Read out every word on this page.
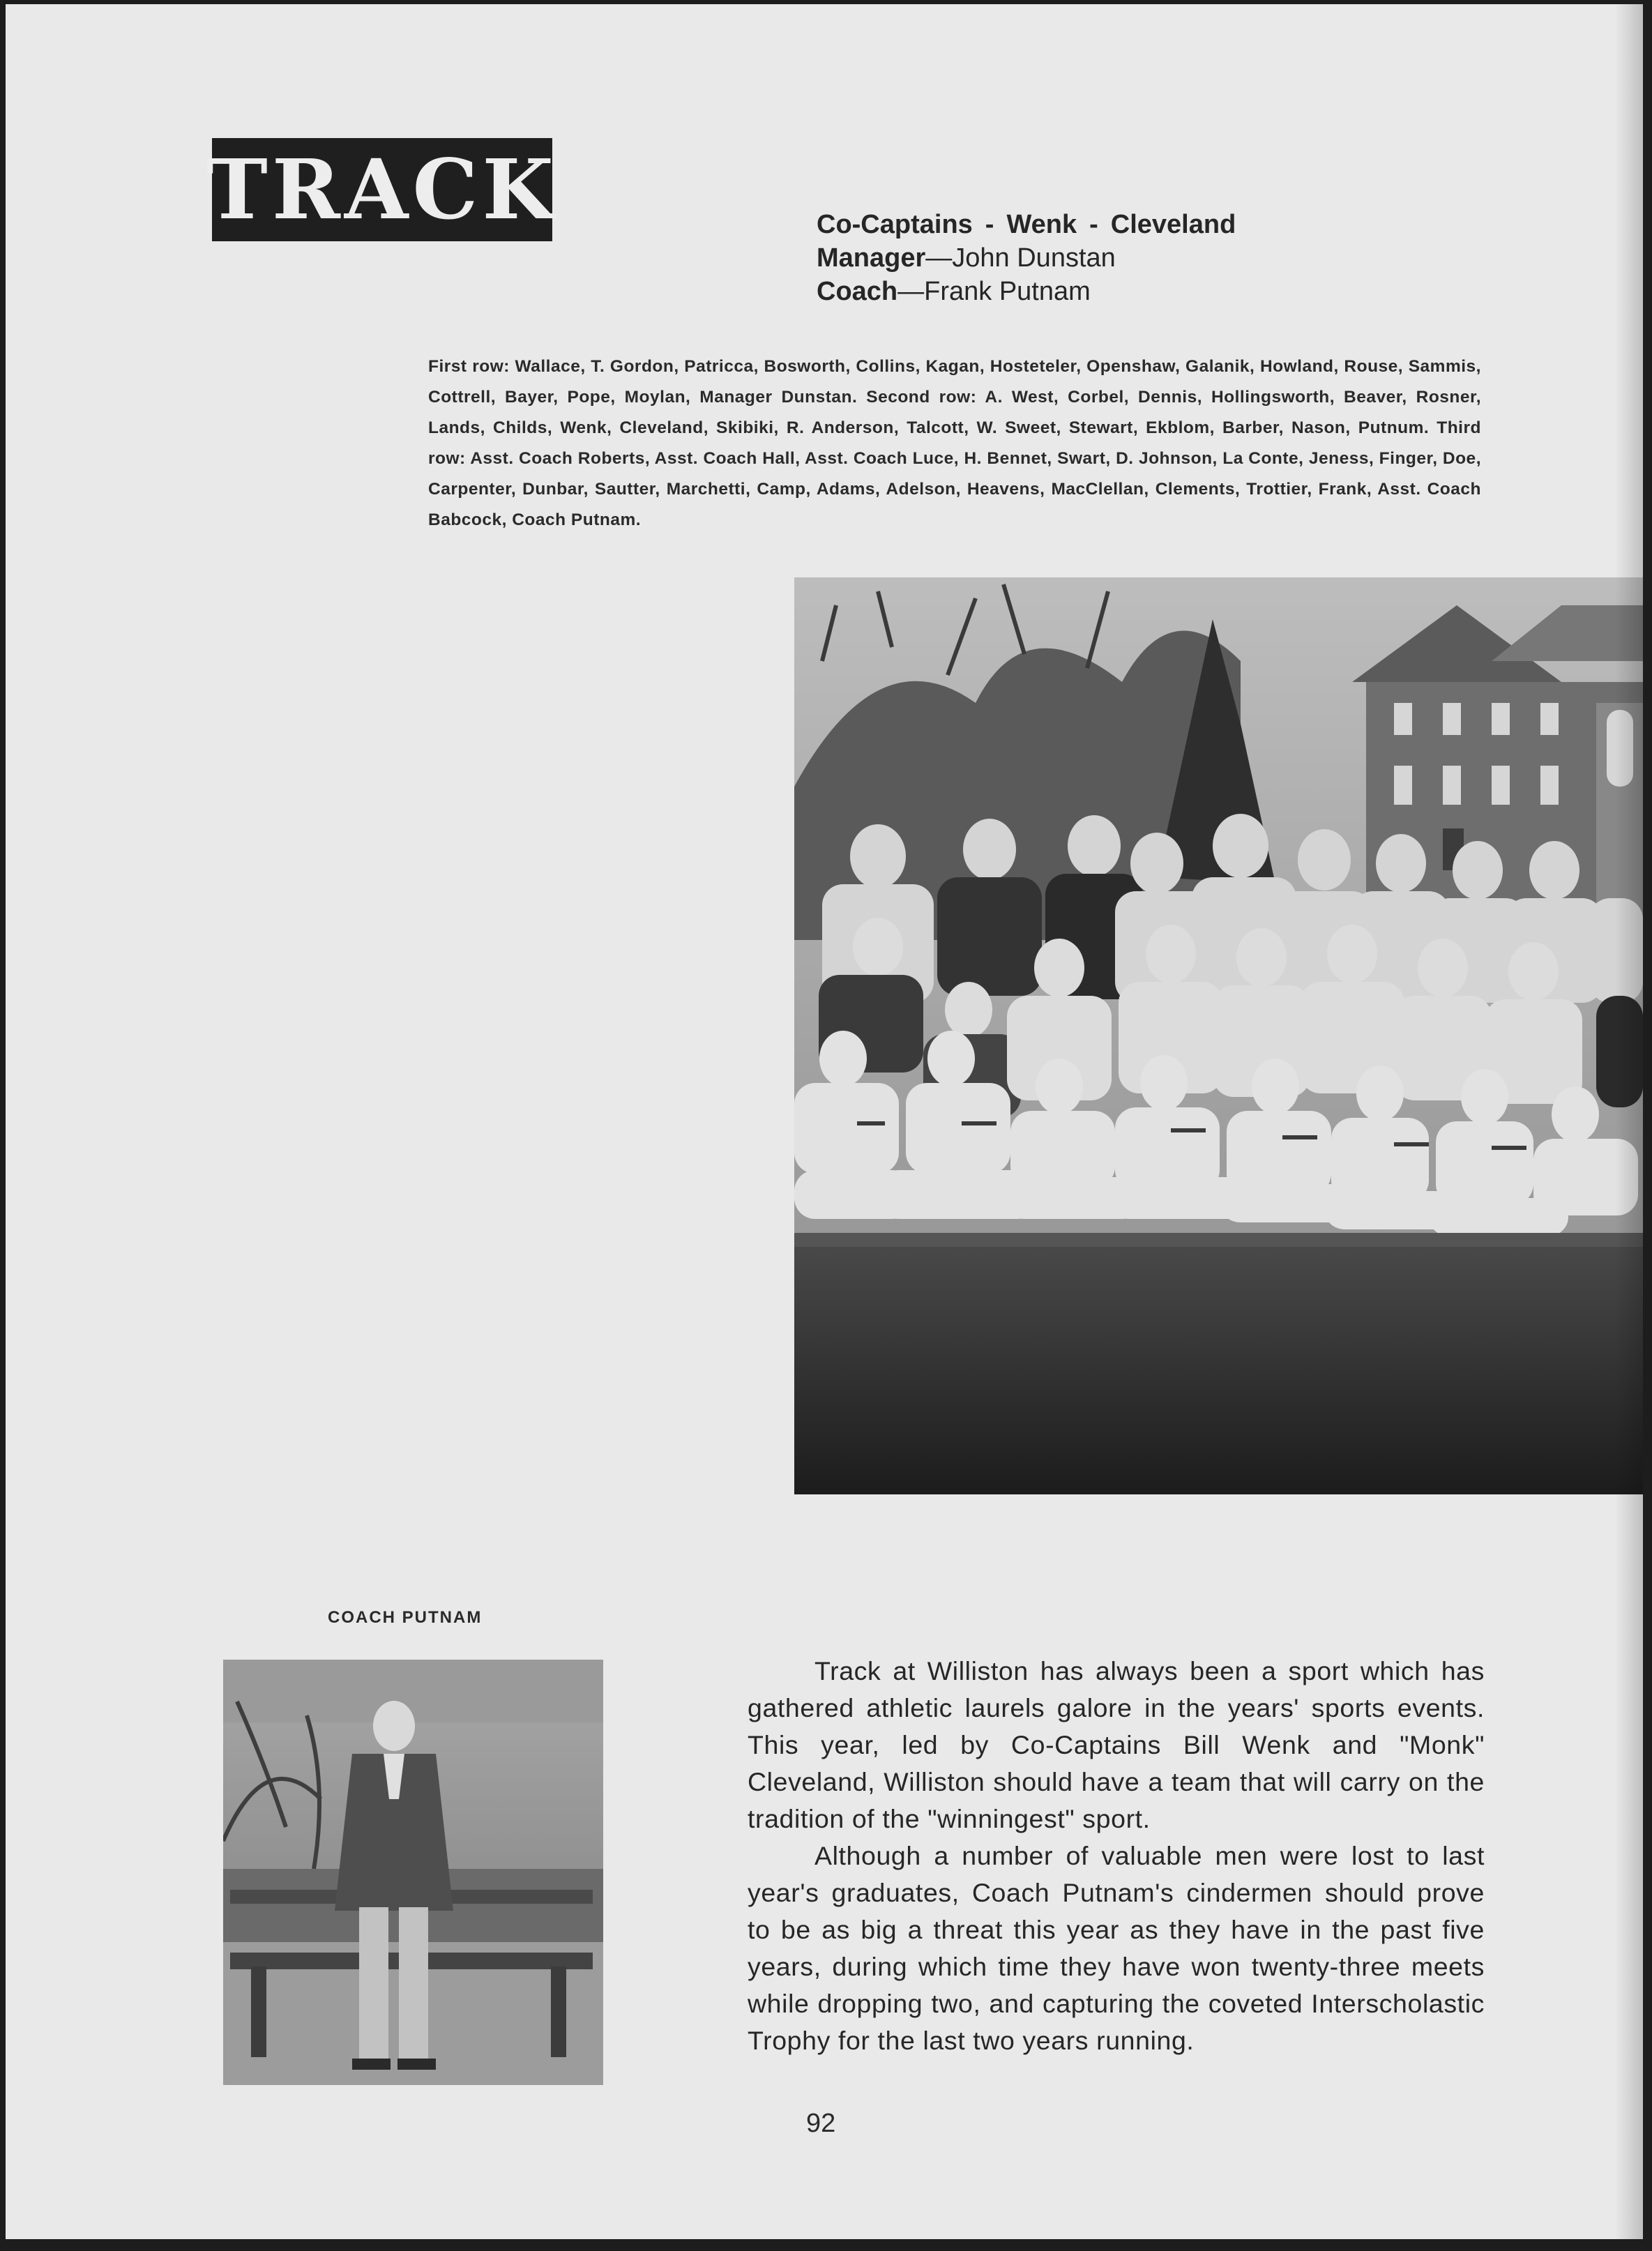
TRACK	Co-Captains - Wenk - Cleveland
Manager—John Dunstan
Coach—Frank Putnam
First row: Wallace, T. Gordon, Patricca, Bosworth, Collins, Kagan, Hosteteler, Openshaw, Galanik, Howland, Rouse, Sammis, Cottrell, Bayer, Pope, Moylan, Manager Dunstan. Second row: A. West, Corbel, Dennis, Hollingsworth, Beaver, Rosner, Lands, Childs, Wenk, Cleveland, Skibiki, R. Anderson, Talcott, W. Sweet, Stewart, Ekblom, Barber, Nason, Putnum. Third row: Asst. Coach Roberts, Asst. Coach Hall, Asst. Coach Luce, H. Bennet, Swart, D. Johnson, La Conte, Jeness, Finger, Doe, Carpenter, Dunbar, Sautter, Marchetti, Camp, Adams, Adelson, Heavens, MacClellan, Clements, Trottier, Frank, Asst. Coach Babcock, Coach Putnam.
COACH PUTNAM

Track at Williston has always been a sport which has gathered athletic laurels galore in the years' sports events. This year, led by Co-Captains Bill Wenk and "Monk" Cleveland, Williston should have a team that will carry on the tradition of the "winningest" sport.

Although a number of valuable men were lost to last year's graduates, Coach Putnam's cindermen should prove to be as big a threat this year as they have in the past five years, during which time they have won twenty-three meets while dropping two, and capturing the coveted Interscholastic Trophy for the last two years running.

92
